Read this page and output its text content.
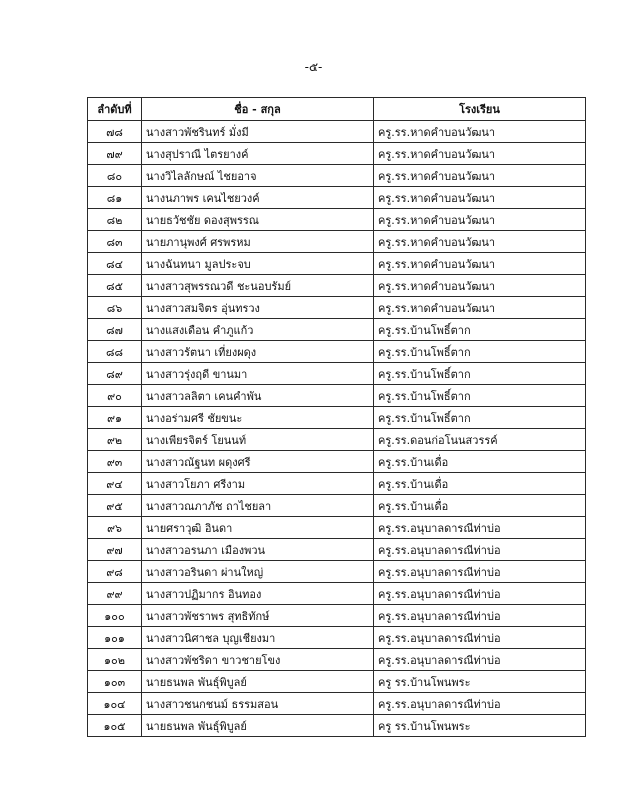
-๕-
ลำดับที่	ชื่อ - สกุล	โรงเรียน
๗๘	นางสาวพัชรินทร์ มั่งมี	ครู.รร.หาดคำบอนวัฒนา
๗๙	นางสุปราณี ไตรยางค์	ครู.รร.หาดคำบอนวัฒนา
๘๐	นางวิไลลักษณ์ ไชยอาจ	ครู.รร.หาดคำบอนวัฒนา
๘๑	นางนภาพร เคนไชยวงค์	ครู.รร.หาดคำบอนวัฒนา
๘๒	นายธวัชชัย ดองสุพรรณ	ครู.รร.หาดคำบอนวัฒนา
๘๓	นายภานุพงศ์ ศรพรหม	ครู.รร.หาดคำบอนวัฒนา
๘๔	นางฉันทนา มูลประจบ	ครู.รร.หาดคำบอนวัฒนา
๘๕	นางสาวสุพรรณวดี ชะนอบรัมย์	ครู.รร.หาดคำบอนวัฒนา
๘๖	นางสาวสมจิตร อุ่นทรวง	ครู.รร.หาดคำบอนวัฒนา
๘๗	นางแสงเดือน คำภูแก้ว	ครู.รร.บ้านโพธิ์ตาก
๘๘	นางสาวรัตนา เที่ยงผดุง	ครู.รร.บ้านโพธิ์ตาก
๘๙	นางสาวรุ่งฤดี ขานมา	ครู.รร.บ้านโพธิ์ตาก
๙๐	นางสาวลลิตา เคนคำพัน	ครู.รร.บ้านโพธิ์ตาก
๙๑	นางอร่ามศรี ชัยขนะ	ครู.รร.บ้านโพธิ์ตาก
๙๒	นางเพียรจิตร์ โยนนท์	ครู.รร.ดอนก่อโนนสวรรค์
๙๓	นางสาวณัฐนท ผดุงศรี	ครู.รร.บ้านเดื่อ
๙๔	นางสาวโยภา ศรีงาม	ครู.รร.บ้านเดื่อ
๙๕	นางสาวณภาภัช ถาไชยลา	ครู.รร.บ้านเดื่อ
๙๖	นายศราวุฒิ อินดา	ครู.รร.อนุบาลดารณีท่าบ่อ
๙๗	นางสาวอรนภา เมืองพวน	ครู.รร.อนุบาลดารณีท่าบ่อ
๙๘	นางสาวอรินดา ผ่านใหญ่	ครู.รร.อนุบาลดารณีท่าบ่อ
๙๙	นางสาวปฏิมากร อินทอง	ครู.รร.อนุบาลดารณีท่าบ่อ
๑๐๐	นางสาวพัชราพร สุทธิทักษ์	ครู.รร.อนุบาลดารณีท่าบ่อ
๑๐๑	นางสาวนิศาชล บุญเชียงมา	ครู.รร.อนุบาลดารณีท่าบ่อ
๑๐๒	นางสาวพัชริดา ขาวชายโขง	ครู.รร.อนุบาลดารณีท่าบ่อ
๑๐๓	นายธนพล พันธุ์พิบูลย์	ครู รร.บ้านโพนพระ
๑๐๔	นางสาวชนกชนม์ ธรรมสอน	ครู.รร.อนุบาลดารณีท่าบ่อ
๑๐๕	นายธนพล พันธุ์พิบูลย์	ครู รร.บ้านโพนพระ
